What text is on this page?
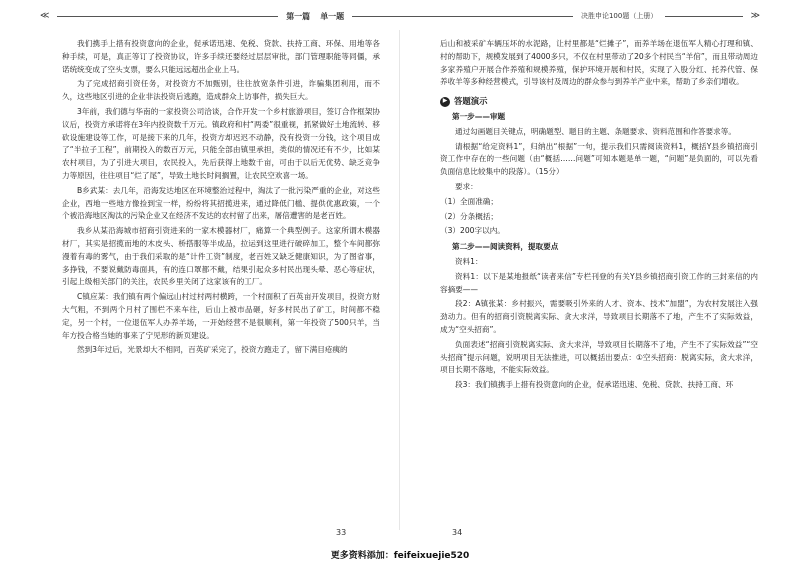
≪	第一篇 单一题	决胜申论100题（上册）	≫

我们携手上措有投资意向的企业，促承诺迅速、免税、贷款、扶持工商、环保、用地等各种手续，可是，真正等订了投资协议，许多手续还要经过层层审批，部门管理职能等同僵，承诺统统变成了空头支票，要么只能远远超出企业上马。

为了完成招商引资任务，对投资方不加甄别，往往放宽条件引进，诈骗集团利用，而不久，这些地区引进的企业非法投资后逃跑，造成群众上访事件，损失巨大。

3年前，我们德与华南的一家投资公司洽谈，合作开发一个乡村旅游项目，签订合作框架协议后，投资方承诺将在3年内投资数千万元。镇政府和村“两委”很重视，抓紧做好土地流转、移砍设施建设等工作，可是接下来的几年，投资方却迟迟不动静，没有投资一分钱，这个项目成了“半拉子工程”，前期投入的数百万元，只能全部由镇里承担，类似的情况还有不少，比如某农村项目，为了引进大项目，农民投入，先后获得上地数千亩，可由于以后无优势、缺乏竞争力等原因，往往项目“烂了尾”，导致土地长时间搁置，让农民空欢喜一场。

B乡武某：去几年，沿海发达地区在环境整治过程中，淘汰了一批污染严重的企业，对这些企业，西地一些地方像捡到宝一样，纷纷将其招揽进来，通过降低门槛、提供优惠政策，一个个被沿海地区淘汰的污染企业又在经济不发达的农村留了出来，屠倍遭害的是老百姓。

我乡从某沿海城市招商引资进来的一家木模器材厂，痛算一个典型例子。这家所谓木模器材厂，其实是招揽而地的木皮头、桥搭服等半成品，拉运到这里进行破碎加工，整个车间都弥漫着有毒的雾气，由于我们采取的是“计件工资”制度，老百姓又缺乏健康知识，为了图省事，多挣钱，不要说戴防毒面具，有的连口罩都不戴，结果引起众多村民出现头晕、恶心等症状，引起上级相关部门的关注，农民乡里关闭了这家该有的工厂。

C镇应某：我们镇有两个偏远山村过村两村横跨，一个村面积了百英亩开发项目，投资方财大气粗，不到两个月村了围栏不来车往，后山上被市品砸，好多村民出了矿工，时间都不稳定，另一个村，一位退伍军人办养羊场，一开始经营不是很顺利，第一年投资了500只羊，当年方投合格当她的事来了宁见形的新页建设。

然到3年过后，光景却大不相同，百英矿采完了，投资方跑走了，留下满目疮痍的

33

后山和被采矿车辆压坏的水泥路，让村里都是“烂摊子”，而养羊场在退伍军人精心打理和镇、村的帮助下，规模发展到了4000多只，不仅在村里带动了20多个村民当“羊倌”，而且带动周边多家养殖户开展合作养殖和规模养殖，保护环境开展和村民，实现了入股分红、托养代管、保养收羊等多种经营模式，引导该村及周边的群众参与到养羊产业中来，帮助了乡亲们增收。

▶ 答题演示
第一步——审题

通过勾画题目关键点，明确题型、题目的主题、条题要求、资料范围和作答要求等。

请根据“给定资料1”，归纳出“根据”一句，提示我们只需阅读资料1，概括Y县乡镇招商引资工作中存在的一些问题（由“概括……问题”可知本题是单一题，“问题”是负面的，可以先看负面信息比较集中的段落）。（15分）

要求：

（1）全面准确；

（2）分条概括；

（3）200字以内。

第二步——阅读资料，提取要点

资料1：

资料1：以下是某地报纸“读者来信”专栏刊登的有关Y县乡镇招商引资工作的三封来信的内容摘要——

段2：A镇张某：乡村振兴，需要吸引外来的人才、资本、技术“加盟”，为农村发展注入强劲动力。但有的招商引资脱离实际、贪大求洋，导致项目长期落不了地，产生不了实际效益，成为“空头招商”。

负面表述“招商引资脱离实际、贪大求洋，导致项目长期落不了地，产生不了实际效益”“空头招商”提示问题，说明项目无法推进，可以概括出要点：①空头招商：脱离实际，贪大求洋，项目长期不落地，不能实际效益。

段3：我们镇携手上措有投资意向的企业，促承诺迅速、免税、贷款、扶持工商、环

34
更多资料添加：feifeixuejie520
